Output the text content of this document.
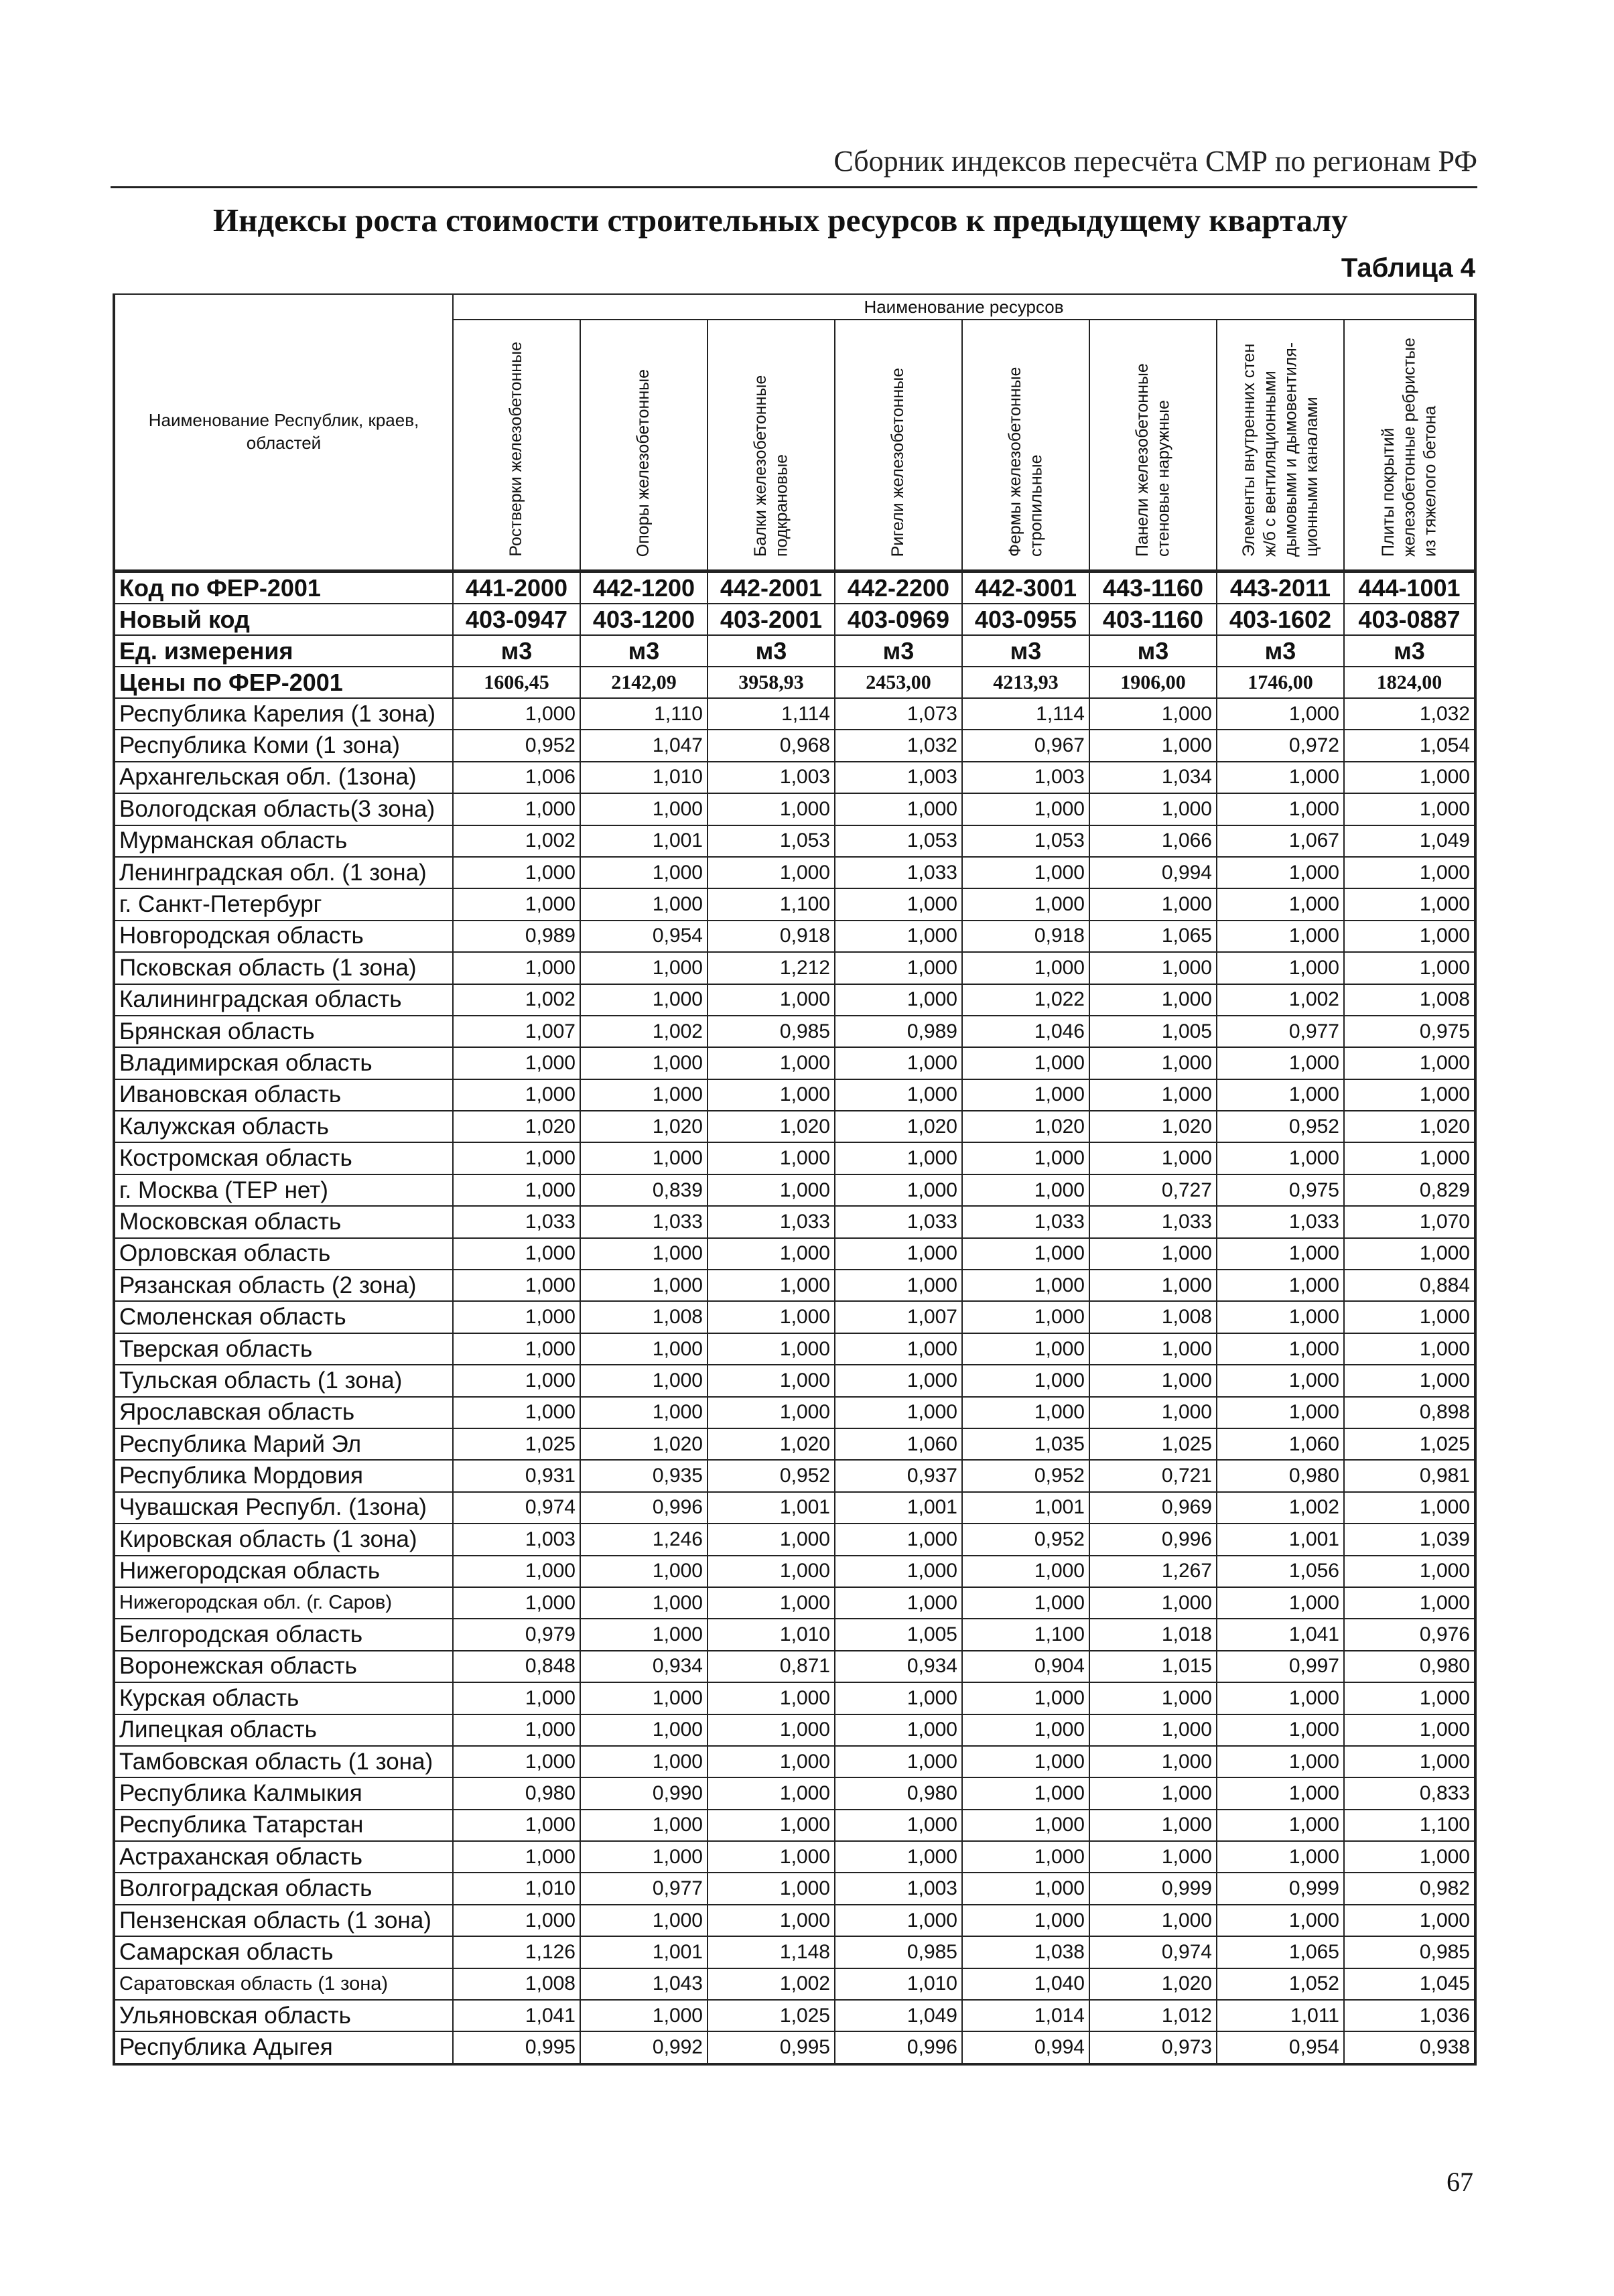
Сборник индексов пересчёта СМР по регионам РФ
Индексы роста стоимости строительных ресурсов к предыдущему кварталу
Таблица 4
Наименование Республик, краев, областей	Наименование ресурсов							
	Ростверки железобетонные	Опоры железобетонные	Балки железобетонные подкрановые	Ригели железобетонные	Фермы железобетонные стропильные	Панели железобетонные стеновые наружные	Элементы внутренних стен ж/б с вентиляционными дымовыми и дымовентиля-ционными каналами	Плиты покрытий железобетонные ребристые из тяжелого бетона
Код по ФЕР-2001	441-2000	442-1200	442-2001	442-2200	442-3001	443-1160	443-2011	444-1001
Новый код	403-0947	403-1200	403-2001	403-0969	403-0955	403-1160	403-1602	403-0887
Ед. измерения	м3	м3	м3	м3	м3	м3	м3	м3
Цены по ФЕР-2001	1606,45	2142,09	3958,93	2453,00	4213,93	1906,00	1746,00	1824,00
Республика Карелия (1 зона)	1,000	1,110	1,114	1,073	1,114	1,000	1,000	1,032
Республика Коми (1 зона)	0,952	1,047	0,968	1,032	0,967	1,000	0,972	1,054
Архангельская обл. (1зона)	1,006	1,010	1,003	1,003	1,003	1,034	1,000	1,000
Вологодская область(3 зона)	1,000	1,000	1,000	1,000	1,000	1,000	1,000	1,000
Мурманская область	1,002	1,001	1,053	1,053	1,053	1,066	1,067	1,049
Ленинградская обл. (1 зона)	1,000	1,000	1,000	1,033	1,000	0,994	1,000	1,000
г. Санкт-Петербург	1,000	1,000	1,100	1,000	1,000	1,000	1,000	1,000
Новгородская область	0,989	0,954	0,918	1,000	0,918	1,065	1,000	1,000
Псковская область (1 зона)	1,000	1,000	1,212	1,000	1,000	1,000	1,000	1,000
Калининградская область	1,002	1,000	1,000	1,000	1,022	1,000	1,002	1,008
Брянская область	1,007	1,002	0,985	0,989	1,046	1,005	0,977	0,975
Владимирская область	1,000	1,000	1,000	1,000	1,000	1,000	1,000	1,000
Ивановская область	1,000	1,000	1,000	1,000	1,000	1,000	1,000	1,000
Калужская область	1,020	1,020	1,020	1,020	1,020	1,020	0,952	1,020
Костромская область	1,000	1,000	1,000	1,000	1,000	1,000	1,000	1,000
г. Москва (ТЕР нет)	1,000	0,839	1,000	1,000	1,000	0,727	0,975	0,829
Московская область	1,033	1,033	1,033	1,033	1,033	1,033	1,033	1,070
Орловская область	1,000	1,000	1,000	1,000	1,000	1,000	1,000	1,000
Рязанская область (2 зона)	1,000	1,000	1,000	1,000	1,000	1,000	1,000	0,884
Смоленская область	1,000	1,008	1,000	1,007	1,000	1,008	1,000	1,000
Тверская область	1,000	1,000	1,000	1,000	1,000	1,000	1,000	1,000
Тульская область (1 зона)	1,000	1,000	1,000	1,000	1,000	1,000	1,000	1,000
Ярославская область	1,000	1,000	1,000	1,000	1,000	1,000	1,000	0,898
Республика Марий Эл	1,025	1,020	1,020	1,060	1,035	1,025	1,060	1,025
Республика Мордовия	0,931	0,935	0,952	0,937	0,952	0,721	0,980	0,981
Чувашская Республ. (1зона)	0,974	0,996	1,001	1,001	1,001	0,969	1,002	1,000
Кировская область (1 зона)	1,003	1,246	1,000	1,000	0,952	0,996	1,001	1,039
Нижегородская область	1,000	1,000	1,000	1,000	1,000	1,267	1,056	1,000
Нижегородская обл. (г. Саров)	1,000	1,000	1,000	1,000	1,000	1,000	1,000	1,000
Белгородская область	0,979	1,000	1,010	1,005	1,100	1,018	1,041	0,976
Воронежская область	0,848	0,934	0,871	0,934	0,904	1,015	0,997	0,980
Курская область	1,000	1,000	1,000	1,000	1,000	1,000	1,000	1,000
Липецкая область	1,000	1,000	1,000	1,000	1,000	1,000	1,000	1,000
Тамбовская область (1 зона)	1,000	1,000	1,000	1,000	1,000	1,000	1,000	1,000
Республика Калмыкия	0,980	0,990	1,000	0,980	1,000	1,000	1,000	0,833
Республика Татарстан	1,000	1,000	1,000	1,000	1,000	1,000	1,000	1,100
Астраханская область	1,000	1,000	1,000	1,000	1,000	1,000	1,000	1,000
Волгоградская область	1,010	0,977	1,000	1,003	1,000	0,999	0,999	0,982
Пензенская область (1 зона)	1,000	1,000	1,000	1,000	1,000	1,000	1,000	1,000
Самарская область	1,126	1,001	1,148	0,985	1,038	0,974	1,065	0,985
Саратовская область (1 зона)	1,008	1,043	1,002	1,010	1,040	1,020	1,052	1,045
Ульяновская область	1,041	1,000	1,025	1,049	1,014	1,012	1,011	1,036
Республика Адыгея	0,995	0,992	0,995	0,996	0,994	0,973	0,954	0,938
67
